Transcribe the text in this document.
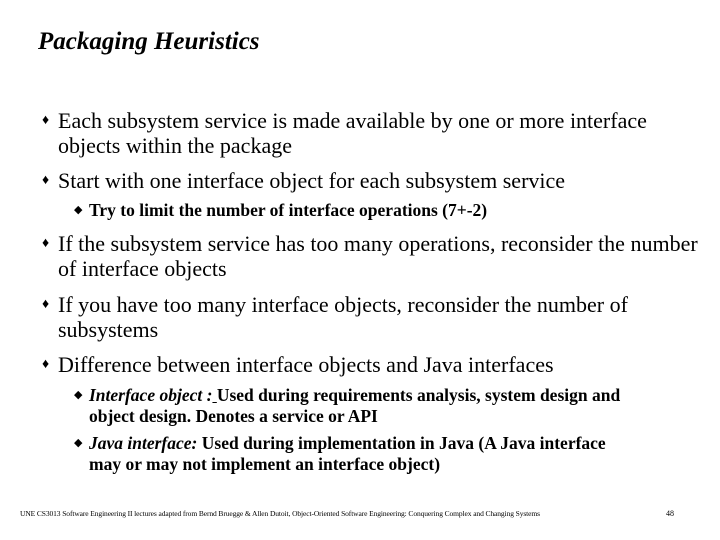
Packaging Heuristics
♦ Each subsystem service is made available by one or more interface objects within the package
♦ Start with one interface object for each subsystem service
◆ Try to limit the number of interface operations (7+-2)
♦ If the subsystem service has too many operations, reconsider the number of interface objects
♦ If you have too many interface objects, reconsider the number of subsystems
♦ Difference between interface objects and Java interfaces
◆ Interface object : Used during requirements analysis, system design and object design. Denotes a service or API
◆ Java interface: Used during implementation in Java (A Java interface may or may not implement an interface object)
UNE CS3013 Software Engineering II lectures adapted from Bernd Bruegge & Allen Dutoit, Object-Oriented Software Engineering: Conquering Complex and Changing Systems	48
